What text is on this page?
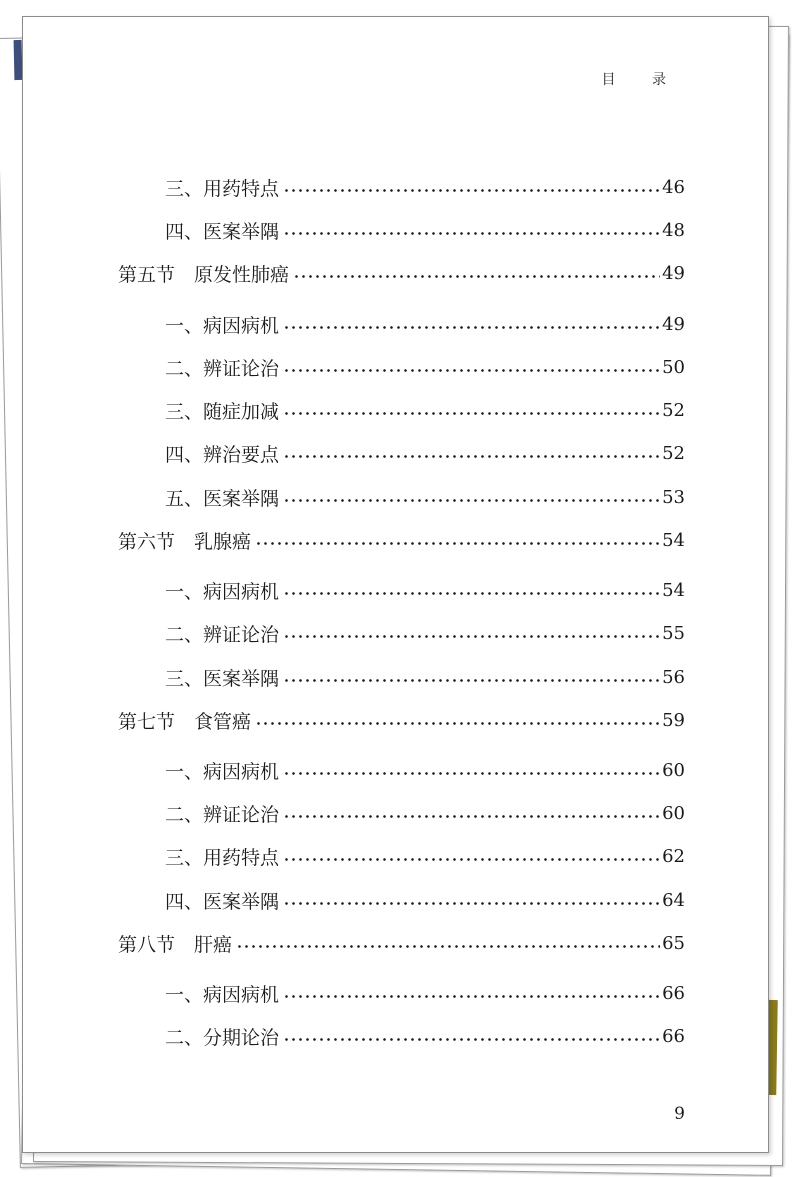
目 录
三、用药特点	46
四、医案举隅	48
第五节　原发性肺癌	49
一、病因病机	49
二、辨证论治	50
三、随症加减	52
四、辨治要点	52
五、医案举隅	53
第六节　乳腺癌	54
一、病因病机	54
二、辨证论治	55
三、医案举隅	56
第七节　食管癌	59
一、病因病机	60
二、辨证论治	60
三、用药特点	62
四、医案举隅	64
第八节　肝癌	65
一、病因病机	66
二、分期论治	66
9
